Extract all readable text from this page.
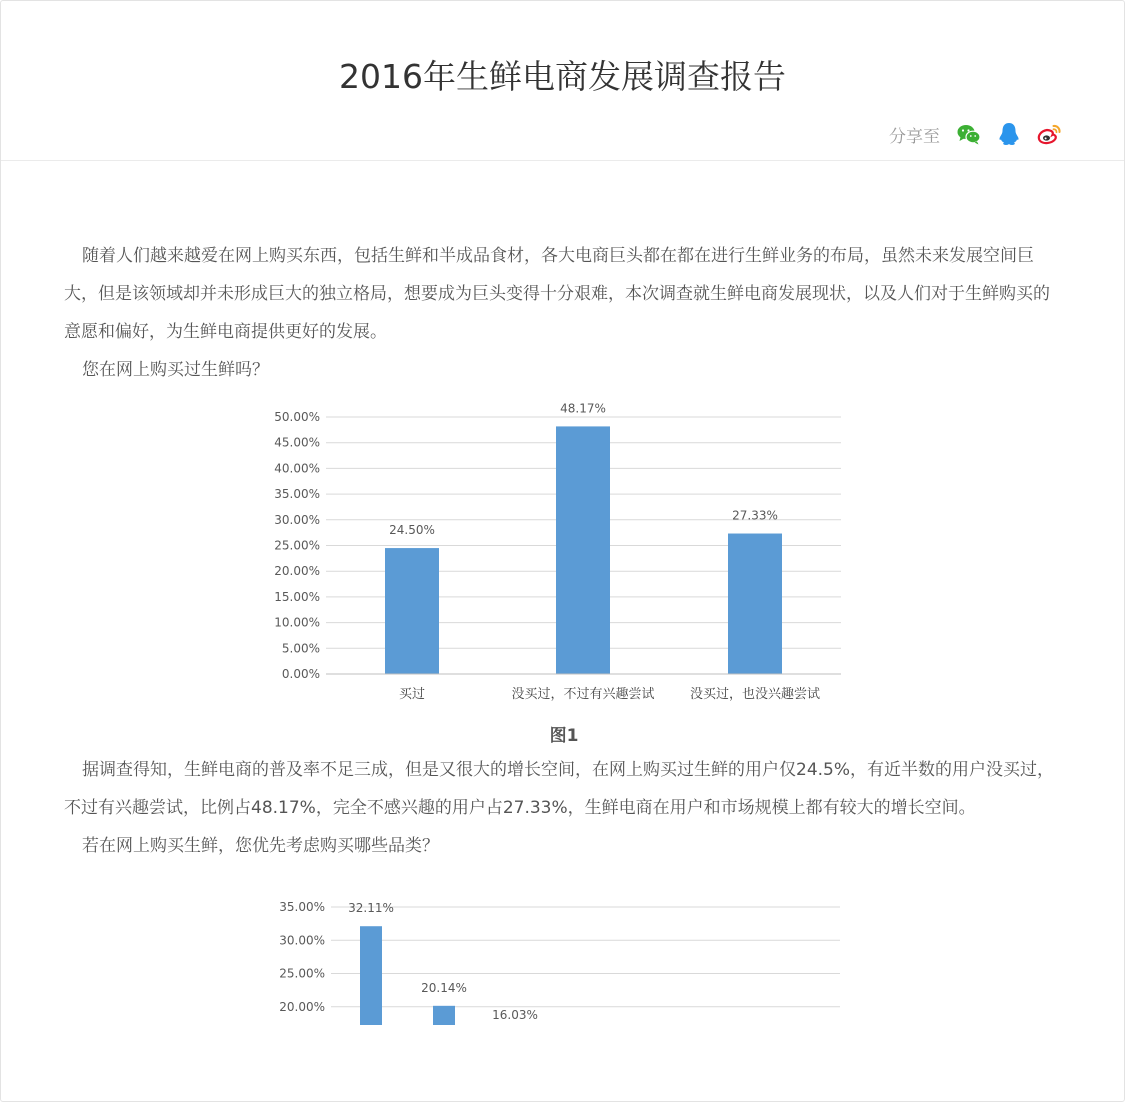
2016年生鲜电商发展调查报告
分享至

随着人们越来越爱在网上购买东西，包括生鲜和半成品食材，各大电商巨头都在都在进行生鲜业务的布局，虽然未来发展空间巨大，但是该领域却并未形成巨大的独立格局，想要成为巨头变得十分艰难，本次调查就生鲜电商发展现状，以及人们对于生鲜购买的意愿和偏好，为生鲜电商提供更好的发展。

您在网上购买过生鲜吗？

0.00%
5.00%
10.00%
15.00%
20.00%
25.00%
30.00%
35.00%
40.00%
45.00%
50.00%
24.50%
买过
48.17%
没买过，不过有兴趣尝试
27.33%
没买过，也没兴趣尝试
图1

据调查得知，生鲜电商的普及率不足三成，但是又很大的增长空间，在网上购买过生鲜的用户仅24.5%，有近半数的用户没买过，不过有兴趣尝试，比例占48.17%，完全不感兴趣的用户占27.33%，生鲜电商在用户和市场规模上都有较大的增长空间。

若在网上购买生鲜，您优先考虑购买哪些品类？

20.00%
25.00%
30.00%
35.00% 32.11%
20.14%
16.03%
